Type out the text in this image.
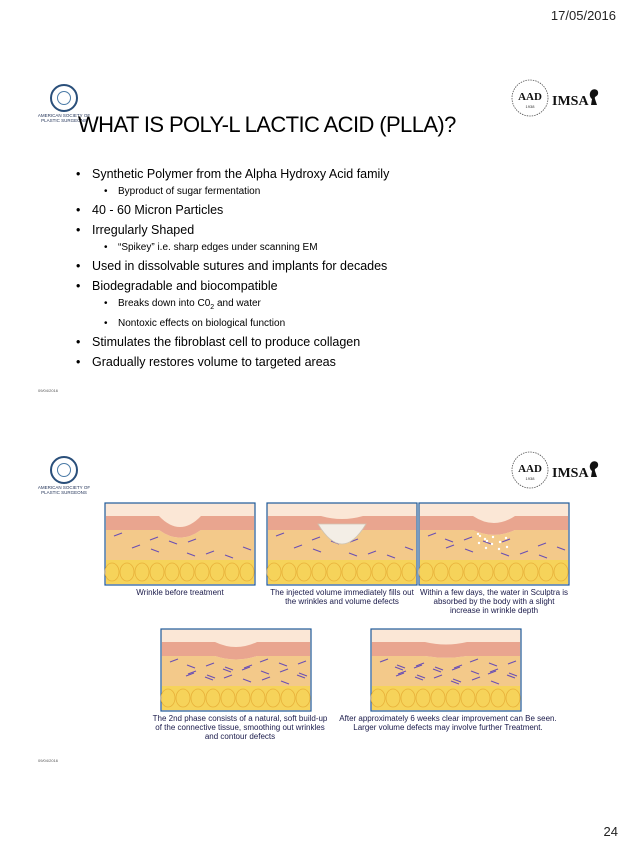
17/05/2016
AMERICAN SOCIETY OF PLASTIC SURGEONS
AAD
1938 IMSA
WHAT IS POLY-L LACTIC ACID (PLLA)?
• Synthetic Polymer from the Alpha Hydroxy Acid family
• Byproduct of sugar fermentation
• 40 - 60 Micron Particles
• Irregularly Shaped
• “Spikey” i.e. sharp edges under scanning EM
• Used in dissolvable sutures and implants for decades
• Biodegradable and biocompatible
• Breaks down into $C0_2$ and water
• Nontoxic effects on biological function
• Stimulates the fibroblast cell to produce collagen
• Gradually restores volume to targeted areas
09/04/2016
AMERICAN SOCIETY OF PLASTIC SURGEONS
AAD
1938 IMSA
Wrinkle before treatment	The injected volume immediately fills out the wrinkles and volume defects
Within a few days, the water in Sculptra is absorbed by the body with a slight increase in wrinkle depth
The 2nd phase consists of a natural, soft build-up of the connective tissue, smoothing out wrinkles and contour defects
After approximately 6 weeks clear improvement can Be seen. Larger volume defects may involve further Treatment.
09/04/2016
24
